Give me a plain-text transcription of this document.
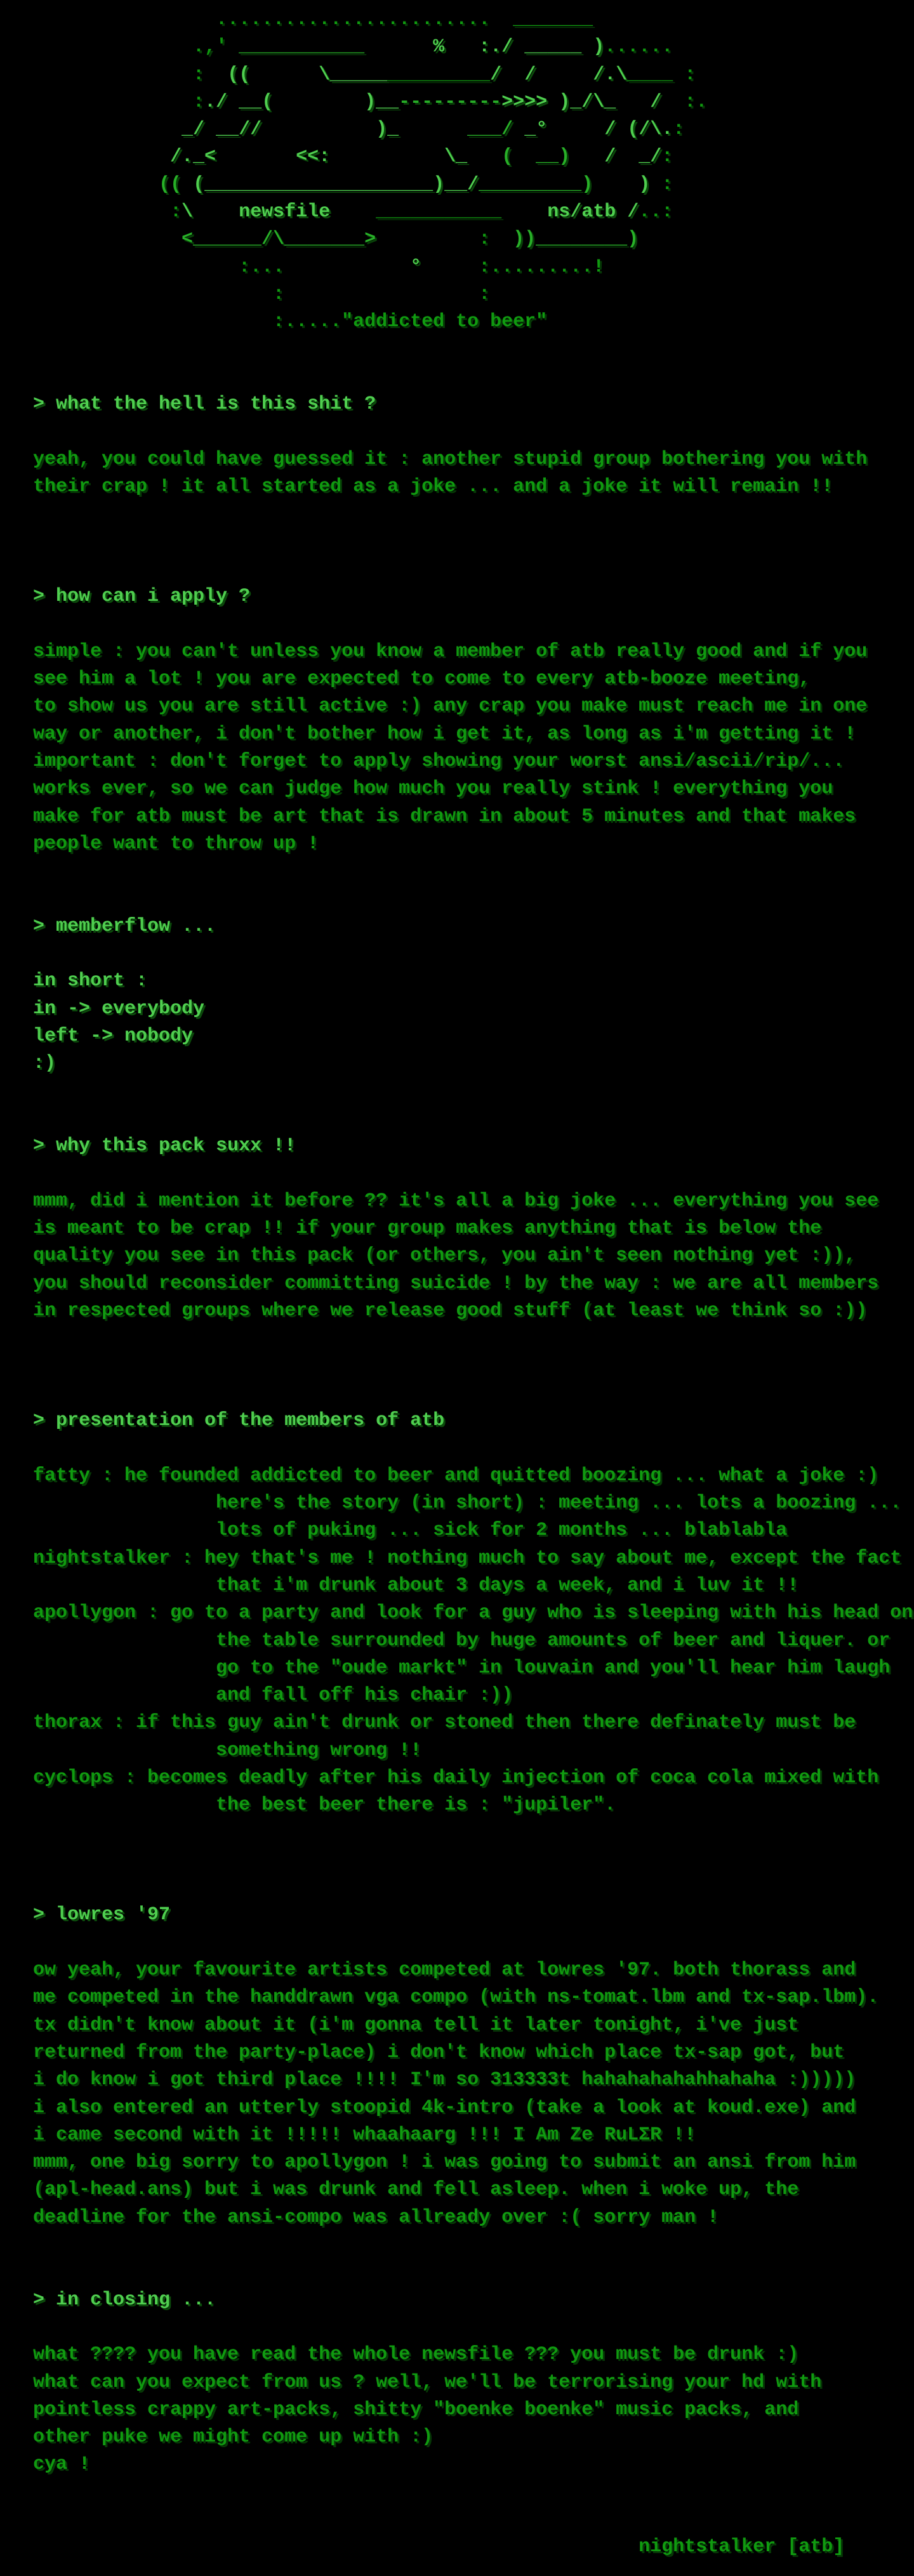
........................  _______
.,' ___________	% :./ _____ )......
: ((	\______________/ /	/.\____ :
:./ __(	)__--------->>>> )_/\_ /  :.
_/ __//	)_	___/ _°	/ (/\.:
/._<	<<:	\_ (  __) / _/:
(( (____________________)__/_________) ) :
:\ newsfile ___________ ns/atb /..:
<______/\_______>         : ))________)
:...	°	:.........!
:                 :
:....."addicted to beer"

> what the hell is this shit ?

yeah, you could have guessed it : another stupid group bothering you with
their crap ! it all started as a joke ... and a joke it will remain !!

> how can i apply ?

simple : you can't unless you know a member of atb really good and if you
see him a lot ! you are expected to come to every atb-booze meeting,
to show us you are still active :) any crap you make must reach me in one
way or another, i don't bother how i get it, as long as i'm getting it !
important : don't forget to apply showing your worst ansi/ascii/rip/...
works ever, so we can judge how much you really stink ! everything you
make for atb must be art that is drawn in about 5 minutes and that makes
people want to throw up !

> memberflow ...

in short :
in -> everybody
left -> nobody
:)

> why this pack suxx !!

mmm, did i mention it before ?? it's all a big joke ... everything you see
is meant to be crap !! if your group makes anything that is below the
quality you see in this pack (or others, you ain't seen nothing yet :)),
you should reconsider committing suicide ! by the way : we are all members
in respected groups where we release good stuff (at least we think so :))

> presentation of the members of atb

fatty : he founded addicted to beer and quitted boozing ... what a joke :)
here's the story (in short) : meeting ... lots a boozing ...
lots of puking ... sick for 2 months ... blablabla
nightstalker : hey that's me ! nothing much to say about me, except the fact
that i'm drunk about 3 days a week, and i luv it !!
apollygon : go to a party and look for a guy who is sleeping with his head on
the table surrounded by huge amounts of beer and liquer. or
go to the "oude markt" in louvain and you'll hear him laugh
and fall off his chair :))
thorax : if this guy ain't drunk or stoned then there definately must be
something wrong !!
cyclops : becomes deadly after his daily injection of coca cola mixed with
the best beer there is : "jupiler".

> lowres '97

ow yeah, your favourite artists competed at lowres '97. both thorass and
me competed in the handdrawn vga compo (with ns-tomat.lbm and tx-sap.lbm).
tx didn't know about it (i'm gonna tell it later tonight, i've just
returned from the party-place) i don't know which place tx-sap got, but
i do know i got third place !!!! I'm so 313333t hahahahahahhahaha :)))))
i also entered an utterly stoopid 4k-intro (take a look at koud.exe) and
i came second with it !!!!! whaahaarg !!! I Am Ze RuLΣR !!
mmm, one big sorry to apollygon ! i was going to submit an ansi from him
(apl-head.ans) but i was drunk and fell asleep. when i woke up, the
deadline for the ansi-compo was allready over :( sorry man !

> in closing ...

what ???? you have read the whole newsfile ??? you must be drunk :)
what can you expect from us ? well, we'll be terrorising your hd with
pointless crappy art-packs, shitty "boenke boenke" music packs, and
other puke we might come up with :)
cya !

nightstalker [atb]
